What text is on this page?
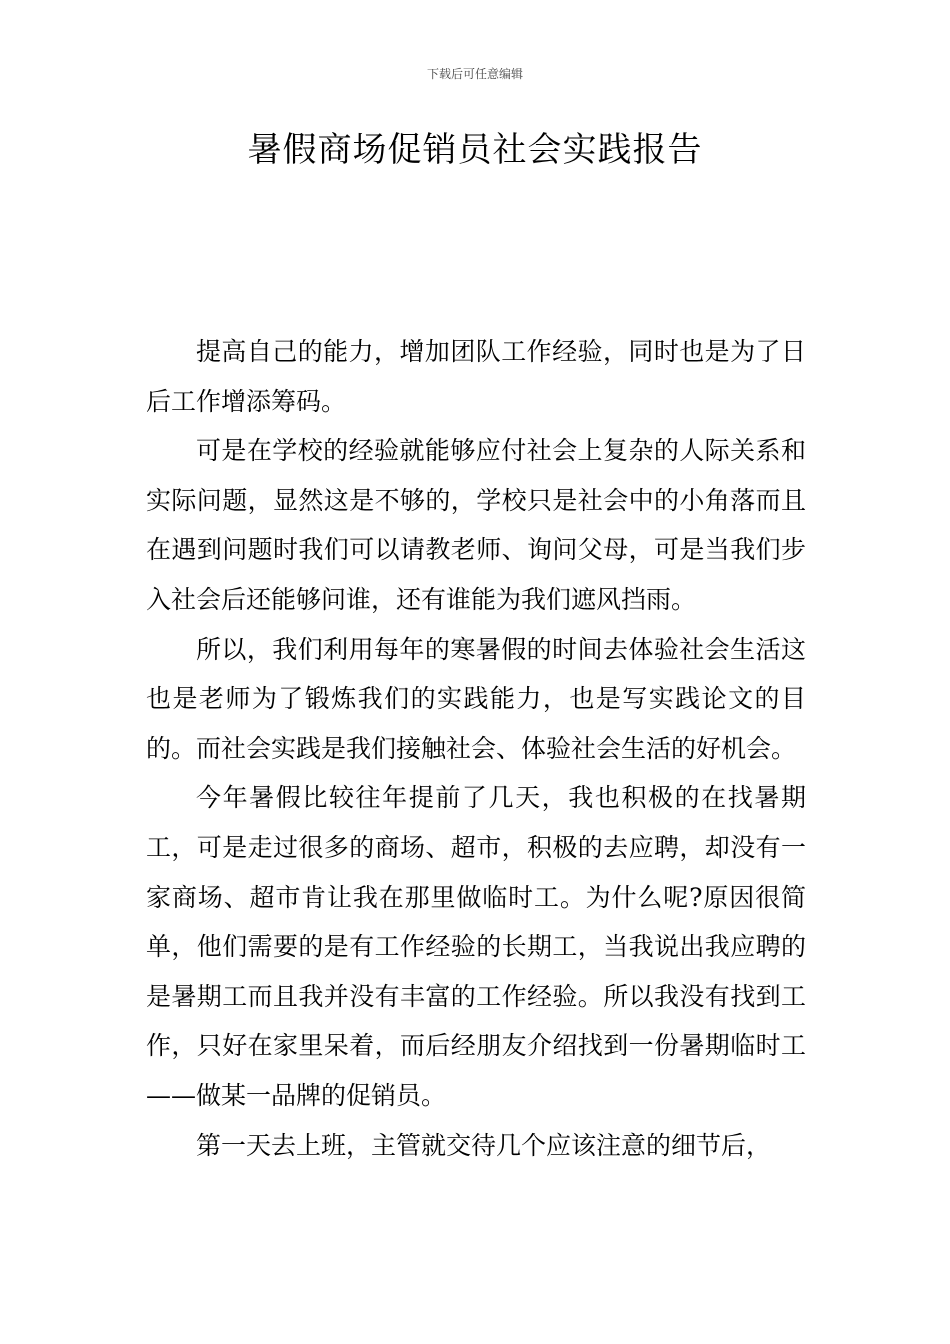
下载后可任意编辑
暑假商场促销员社会实践报告

提高自己的能力，增加团队工作经验，同时也是为了日后工作增添筹码。

可是在学校的经验就能够应付社会上复杂的人际关系和实际问题，显然这是不够的，学校只是社会中的小角落而且在遇到问题时我们可以请教老师、询问父母，可是当我们步入社会后还能够问谁，还有谁能为我们遮风挡雨。

所以，我们利用每年的寒暑假的时间去体验社会生活这也是老师为了锻炼我们的实践能力，也是写实践论文的目的。而社会实践是我们接触社会、体验社会生活的好机会。

今年暑假比较往年提前了几天，我也积极的在找暑期工，可是走过很多的商场、超市，积极的去应聘，却没有一家商场、超市肯让我在那里做临时工。为什么呢?原因很简单，他们需要的是有工作经验的长期工，当我说出我应聘的是暑期工而且我并没有丰富的工作经验。所以我没有找到工作，只好在家里呆着，而后经朋友介绍找到一份暑期临时工——做某一品牌的促销员。

第一天去上班，主管就交待几个应该注意的细节后，
